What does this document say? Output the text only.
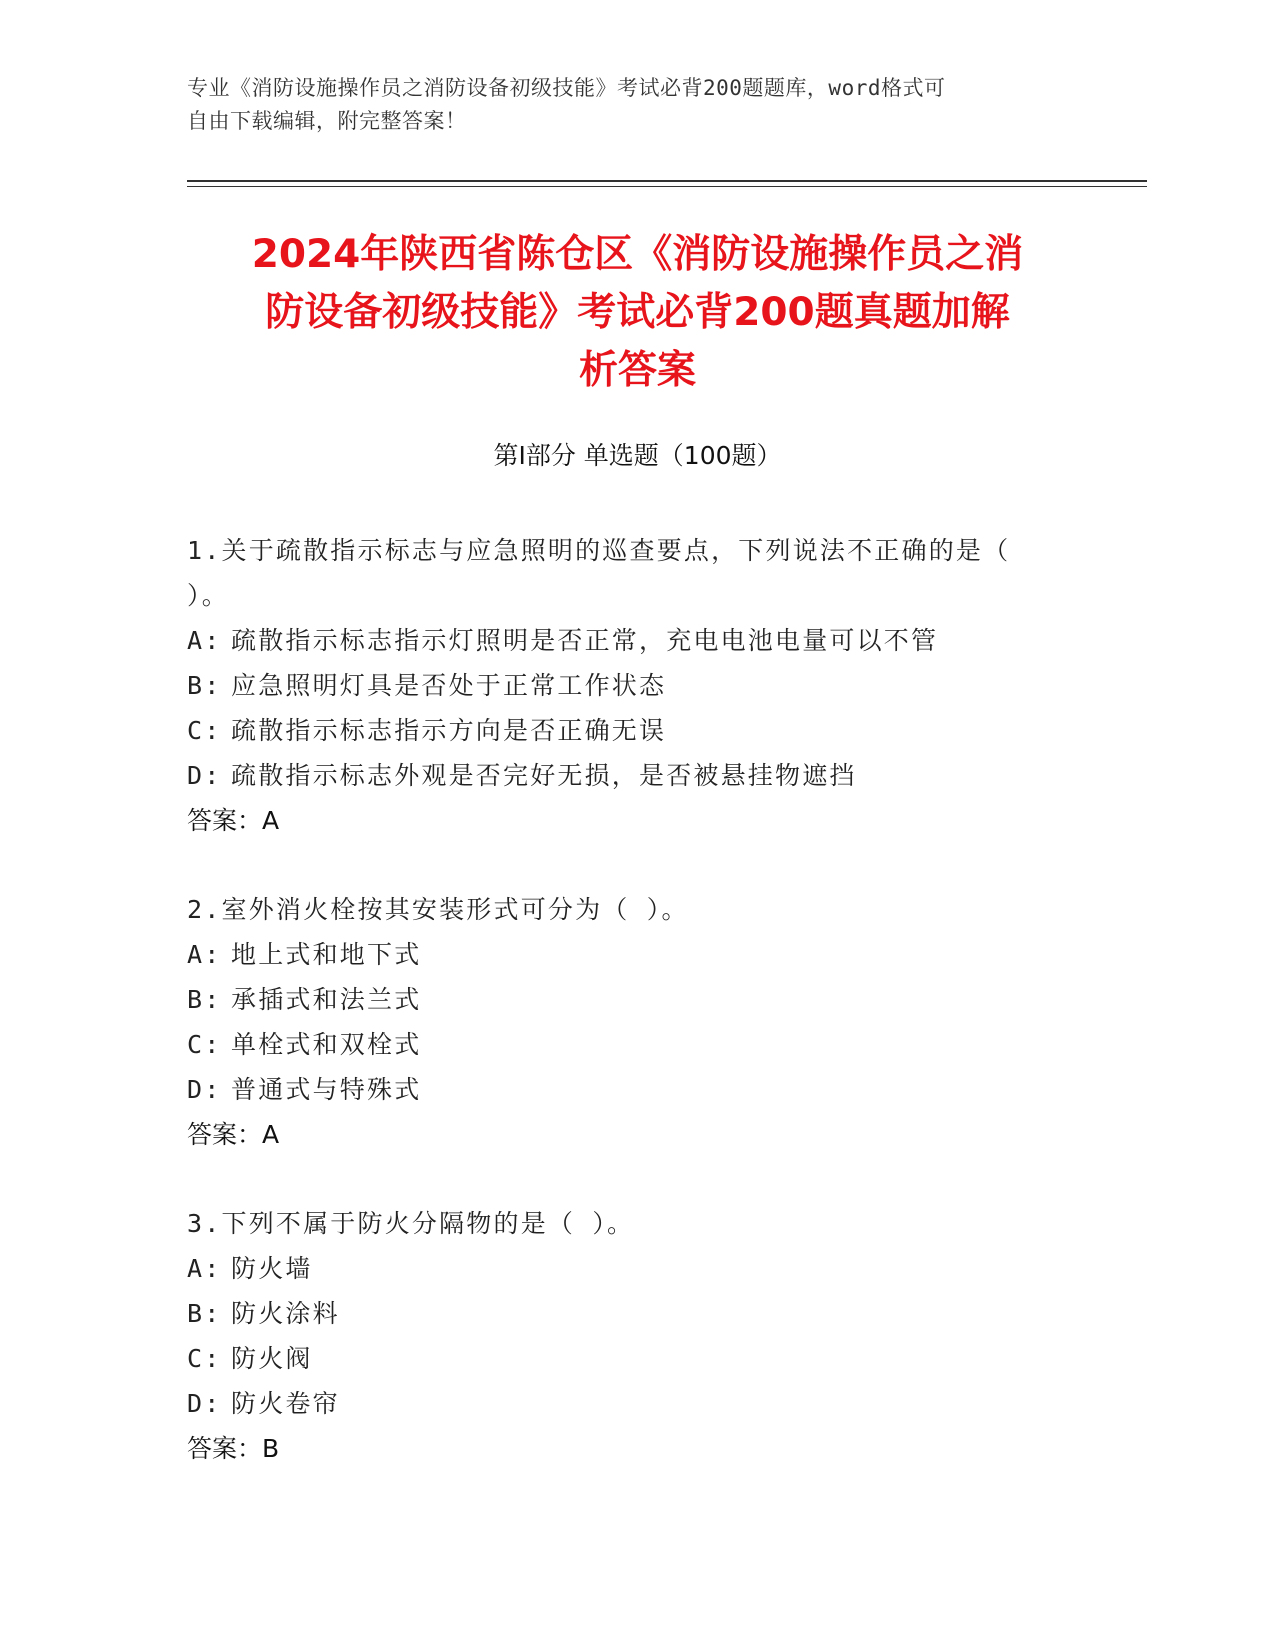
专业《消防设施操作员之消防设备初级技能》考试必背200题题库，word格式可
自由下载编辑，附完整答案！
2024年陕西省陈仓区《消防设施操作员之消
防设备初级技能》考试必背200题真题加解
析答案
第Ⅰ部分 单选题（100题）
1.关于疏散指示标志与应急照明的巡查要点，下列说法不正确的是（
）。
A: 疏散指示标志指示灯照明是否正常，充电电池电量可以不管
B: 应急照明灯具是否处于正常工作状态
C: 疏散指示标志指示方向是否正确无误
D: 疏散指示标志外观是否完好无损，是否被悬挂物遮挡
答案：A
2.室外消火栓按其安装形式可分为（ ）。
A: 地上式和地下式
B: 承插式和法兰式
C: 单栓式和双栓式
D: 普通式与特殊式
答案：A
3.下列不属于防火分隔物的是（ ）。
A: 防火墙
B: 防火涂料
C: 防火阀
D: 防火卷帘
答案：B
